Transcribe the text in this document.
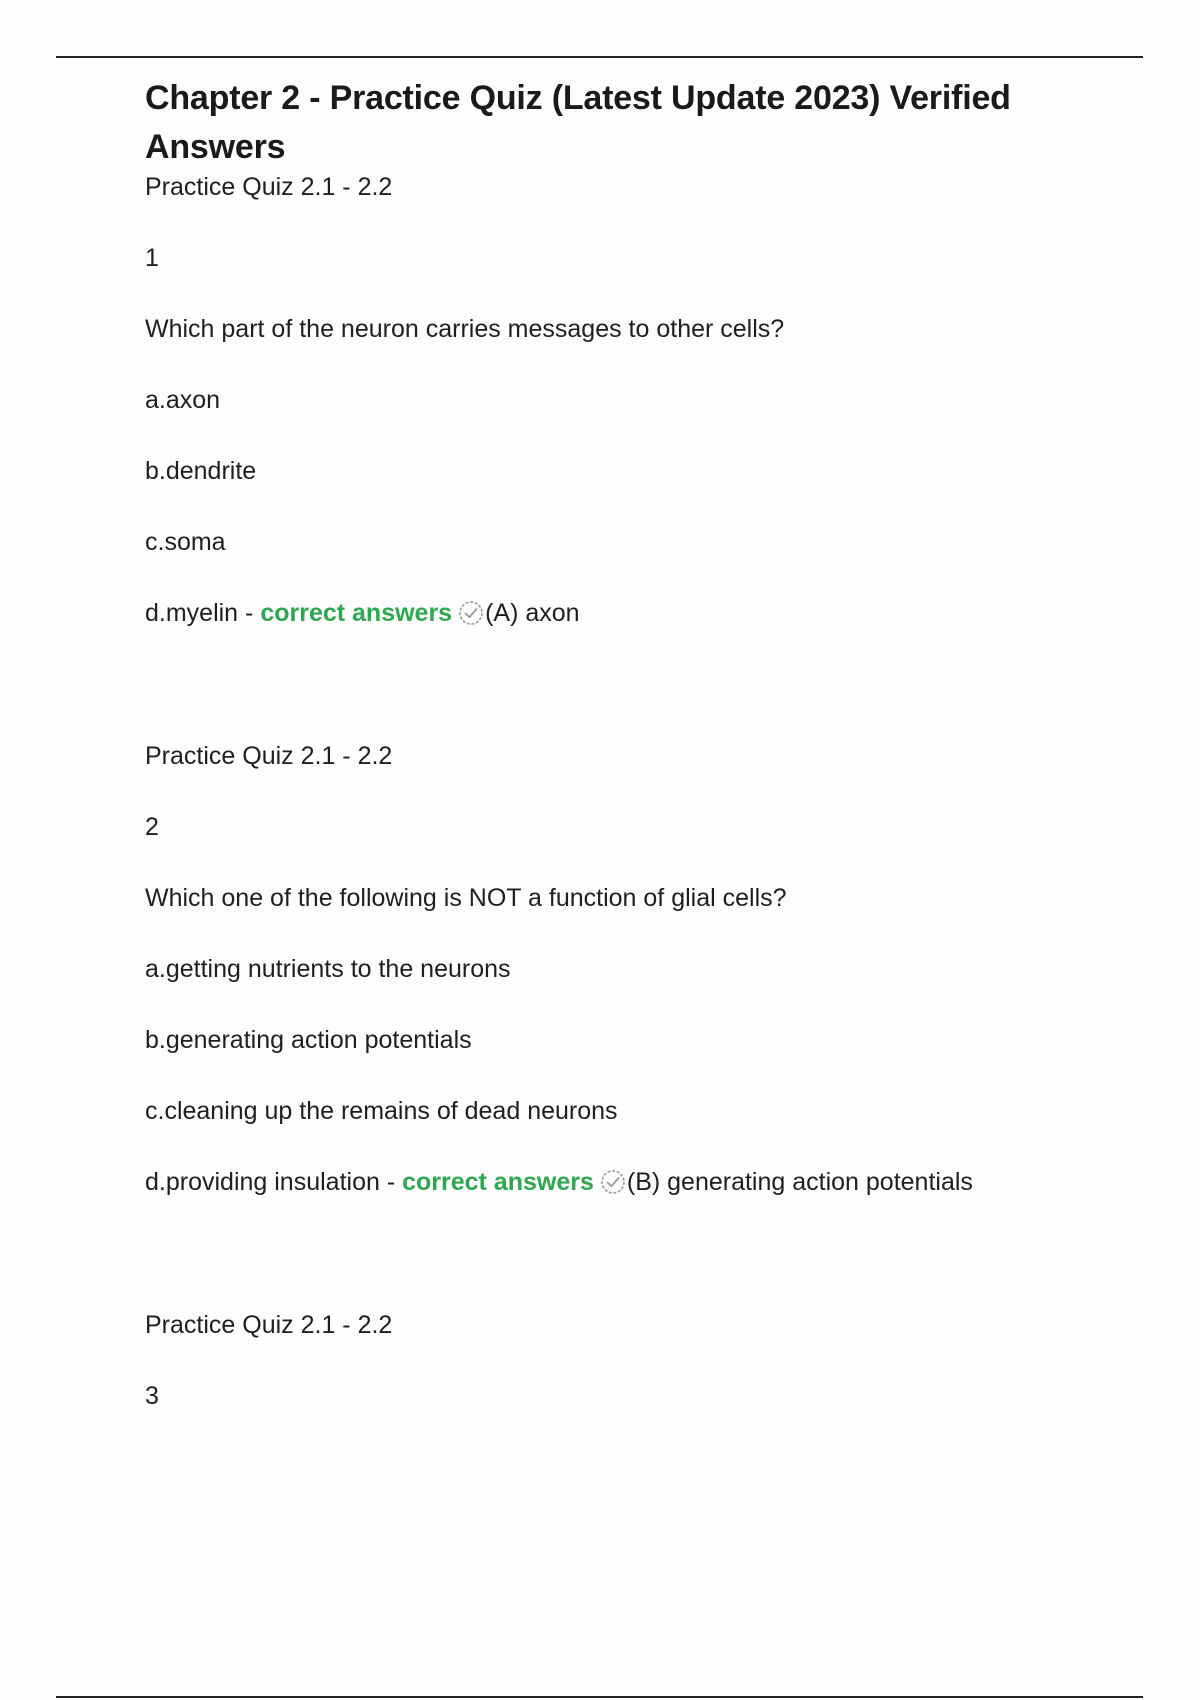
Chapter 2 - Practice Quiz (Latest Update 2023) Verified Answers

Practice Quiz 2.1 - 2.2

1

Which part of the neuron carries messages to other cells?

a.axon

b.dendrite

c.soma

d.myelin - correct answers (A) axon

Practice Quiz 2.1 - 2.2

2

Which one of the following is NOT a function of glial cells?

a.getting nutrients to the neurons

b.generating action potentials

c.cleaning up the remains of dead neurons

d.providing insulation - correct answers (B) generating action potentials

Practice Quiz 2.1 - 2.2

3
